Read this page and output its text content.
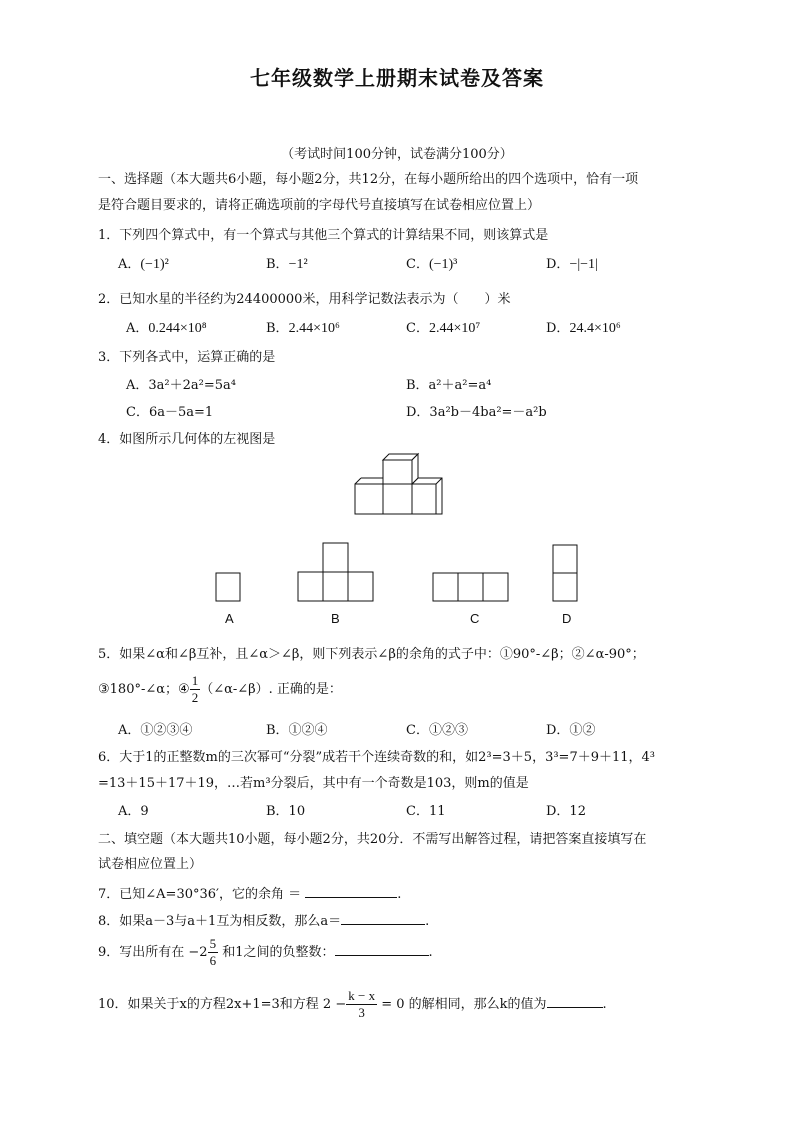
七年级数学上册期末试卷及答案
（考试时间100分钟，试卷满分100分）
一、选择题（本大题共6小题，每小题2分，共12分，在每小题所给出的四个选项中，恰有一项
是符合题目要求的，请将正确选项前的字母代号直接填写在试卷相应位置上）
1．下列四个算式中，有一个算式与其他三个算式的计算结果不同，则该算式是
A．(−1)²	B．−1²	C．(−1)³	D．−|−1|
2．已知水星的半径约为24400000米，用科学记数法表示为（　　）米
A．0.244×10⁸	B．2.44×10⁶	C．2.44×10⁷	D．24.4×10⁶
3．下列各式中，运算正确的是
A．3a²＋2a²=5a⁴	B．a²＋a²=a⁴
C．6a－5a=1	D．3a²b－4ba²=－a²b
4．如图所示几何体的左视图是
A	B	C	D
5．如果∠α和∠β互补，且∠α＞∠β，则下列表示∠β的余角的式子中：①90°-∠β；②∠α-90°；
③180°-∠α；④ $\frac{1}{2}$ （∠α-∠β）. 正确的是：
A．①②③④	B．①②④	C．①②③	D．①②
6．大于1的正整数m的三次幂可“分裂”成若干个连续奇数的和，如2³=3＋5，3³=7＋9＋11，4³
=13＋15＋17＋19，…若m³分裂后，其中有一个奇数是103，则m的值是
A．9	B．10	C．11	D．12
二、填空题（本大题共10小题，每小题2分，共20分．不需写出解答过程，请把答案直接填写在
试卷相应位置上）
7．已知∠A=30°36′，它的余角 ＝	.
8．如果a－3与a＋1互为相反数，那么a＝	.
9．写出所有在 $-2 \frac{5}{6}$ 和1之间的负整数：	.
10．如果关于x的方程2x+1=3和方程 $2 - \frac{k - x}{3} = 0$ 的解相同，那么k的值为	.
